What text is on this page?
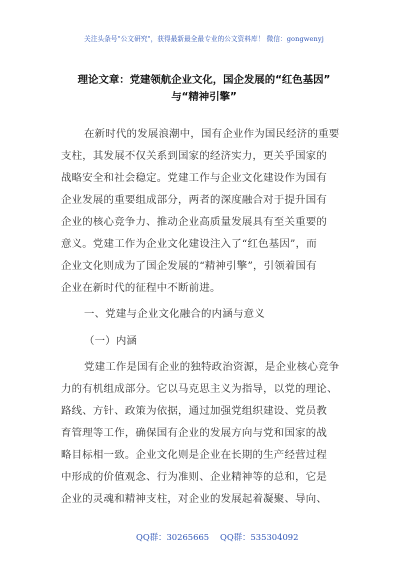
关注头条号"公文研究"，获得最新最全最专业的公文资料库！ 微信：gongwenyj
理论文章：党建领航企业文化，国企发展的“红色基因”
与“精神引擎”
在新时代的发展浪潮中，国有企业作为国民经济的重要
支柱，其发展不仅关系到国家的经济实力，更关乎国家的
战略安全和社会稳定。党建工作与企业文化建设作为国有
企业发展的重要组成部分，两者的深度融合对于提升国有
企业的核心竞争力、推动企业高质量发展具有至关重要的
意义。党建工作为企业文化建设注入了“红色基因”，而
企业文化则成为了国企发展的“精神引擎”，引领着国有
企业在新时代的征程中不断前进。
一、党建与企业文化融合的内涵与意义
（一）内涵
党建工作是国有企业的独特政治资源，是企业核心竞争
力的有机组成部分。它以马克思主义为指导，以党的理论、
路线、方针、政策为依据，通过加强党组织建设、党员教
育管理等工作，确保国有企业的发展方向与党和国家的战
略目标相一致。企业文化则是企业在长期的生产经营过程
中形成的价值观念、行为准则、企业精神等的总和，它是
企业的灵魂和精神支柱，对企业的发展起着凝聚、导向、
QQ群：30265665 QQ群：535304092
